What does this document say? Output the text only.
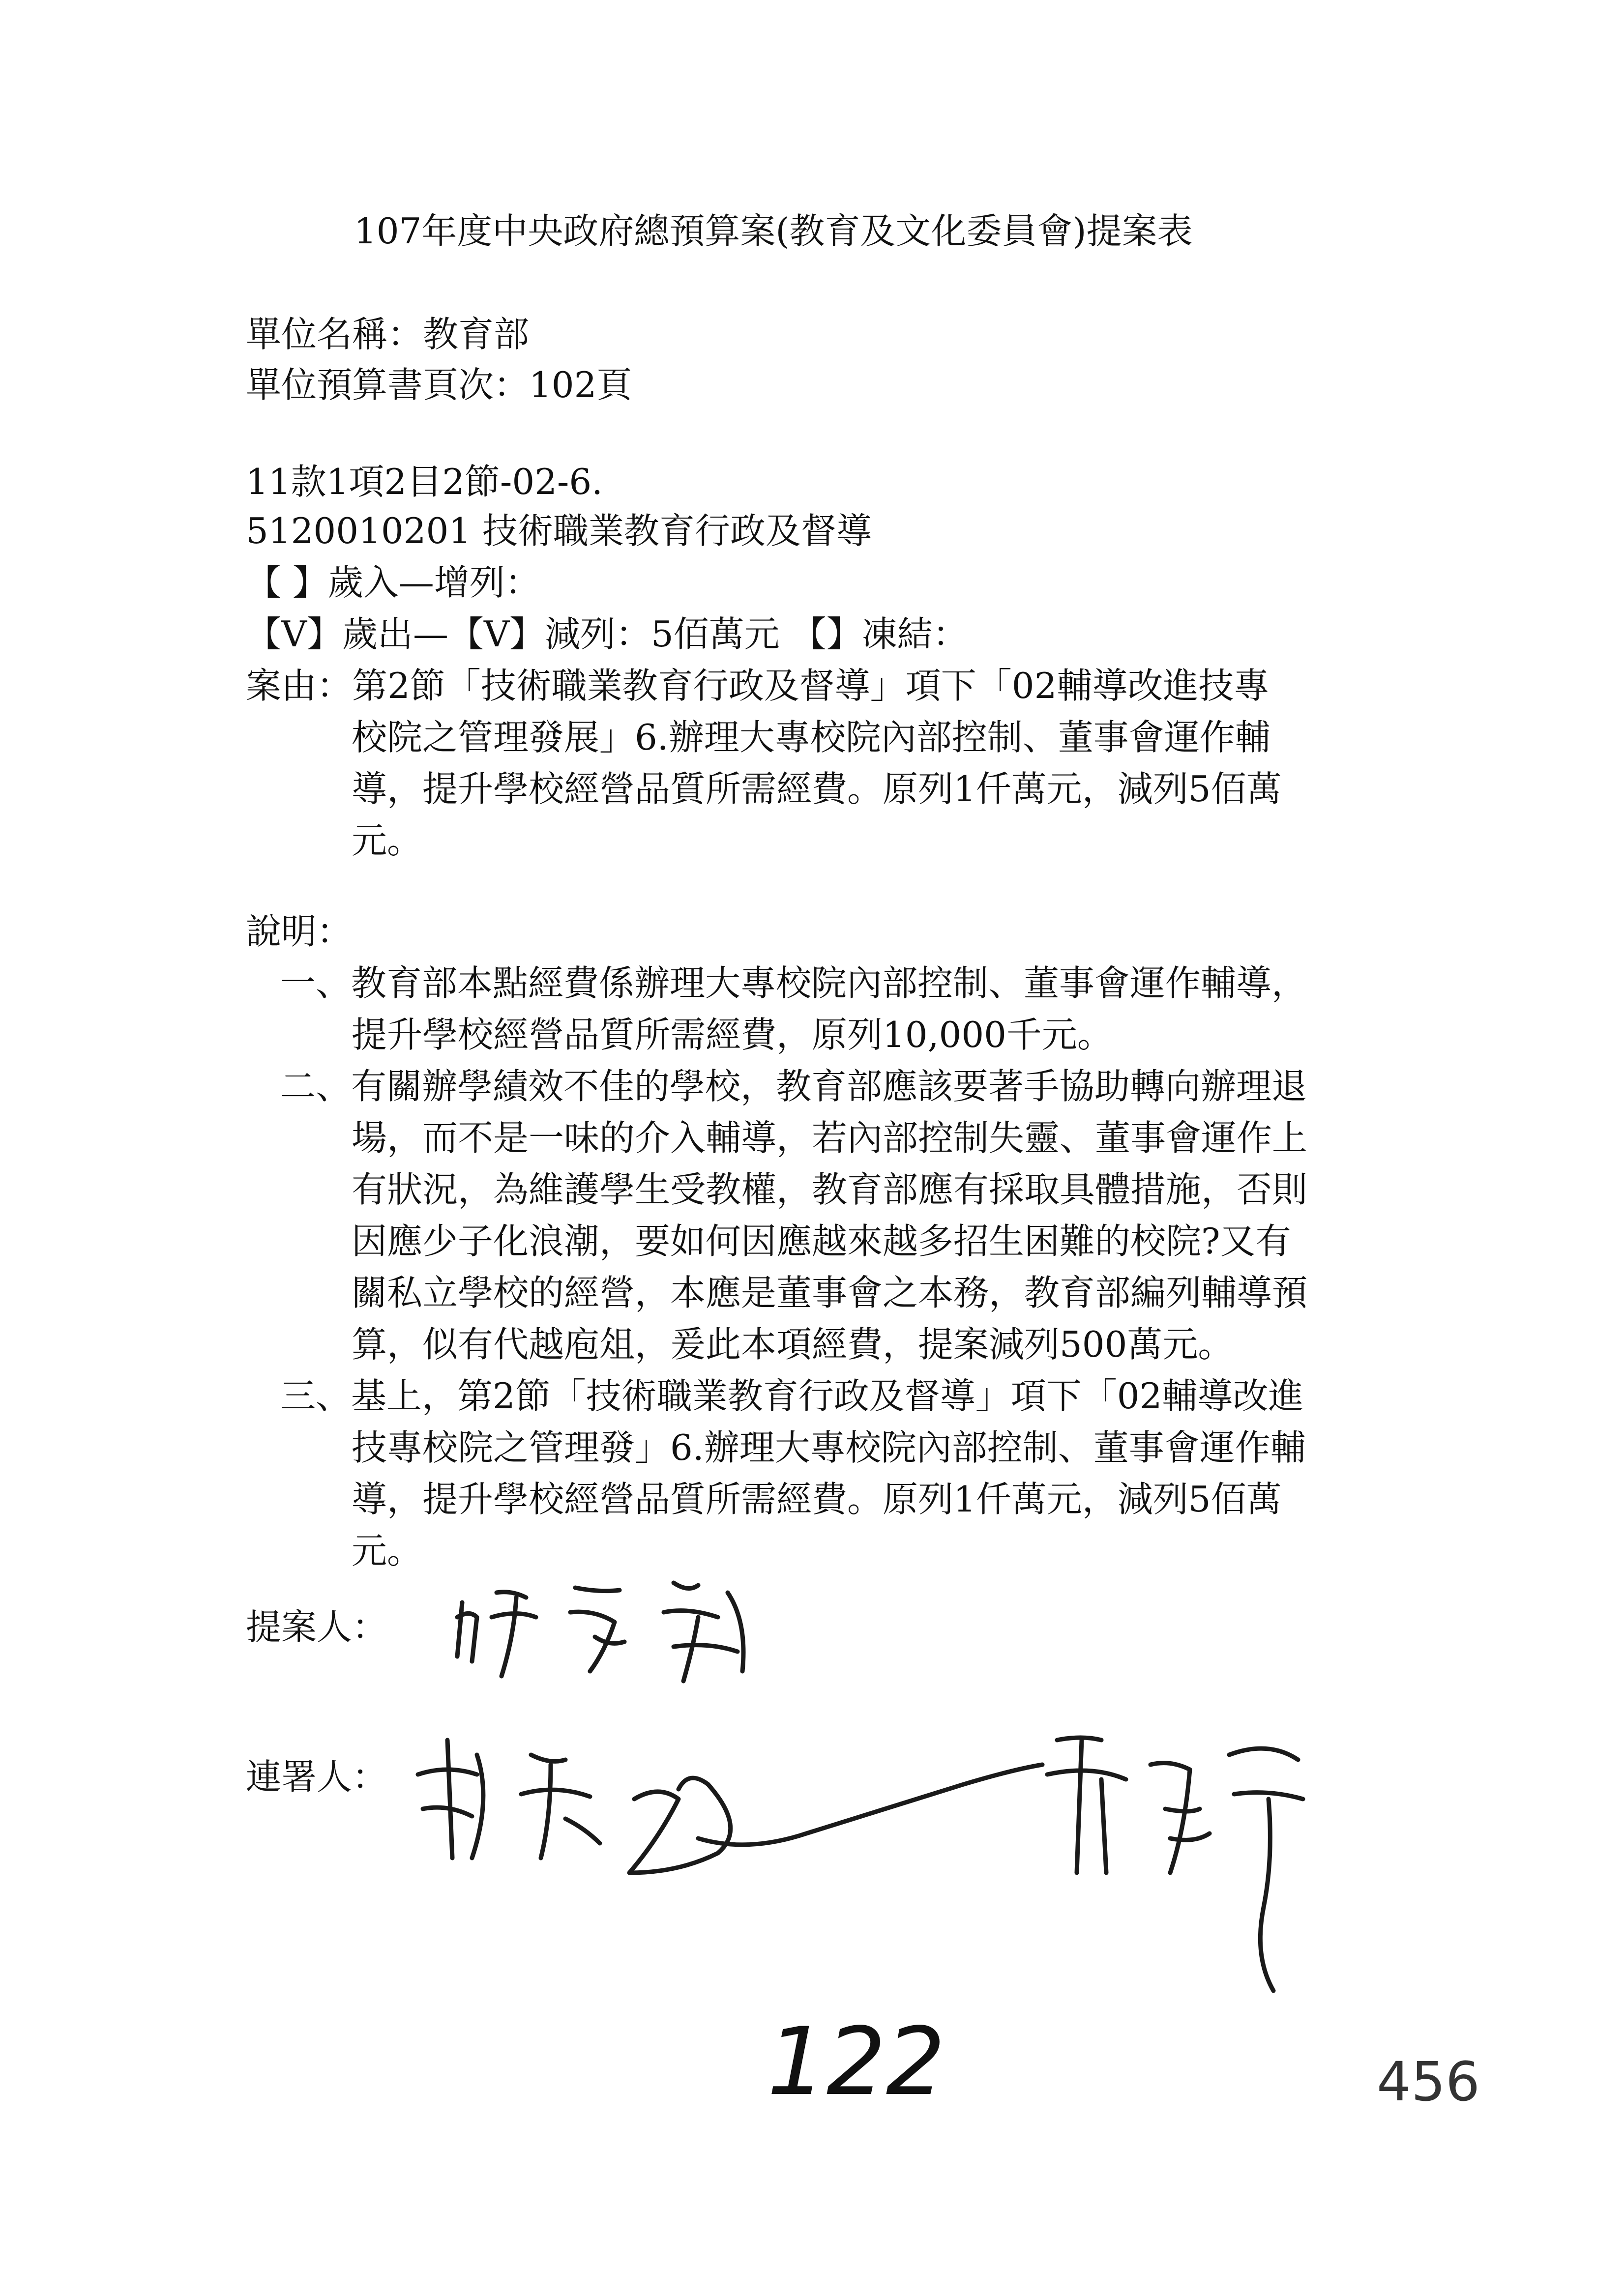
107年度中央政府總預算案(教育及文化委員會)提案表
單位名稱：教育部
單位預算書頁次：102頁
11款1項2目2節-02-6.
5120010201 技術職業教育行政及督導
【 】歲入—增列：
【V】歲出—【V】減列：5佰萬元 【】凍結：
案由：第2節「技術職業教育行政及督導」項下「02輔導改進技專
校院之管理發展」6.辦理大專校院內部控制、董事會運作輔
導，提升學校經營品質所需經費。原列1仟萬元，減列5佰萬
元。
說明：
一、教育部本點經費係辦理大專校院內部控制、董事會運作輔導，
提升學校經營品質所需經費，原列10,000千元。
二、有關辦學績效不佳的學校，教育部應該要著手協助轉向辦理退
場，而不是一味的介入輔導，若內部控制失靈、董事會運作上
有狀況，為維護學生受教權，教育部應有採取具體措施，否則
因應少子化浪潮，要如何因應越來越多招生困難的校院?又有
關私立學校的經營，本應是董事會之本務，教育部編列輔導預
算，似有代越庖俎，爰此本項經費，提案減列500萬元。
三、基上，第2節「技術職業教育行政及督導」項下「02輔導改進
技專校院之管理發」6.辦理大專校院內部控制、董事會運作輔
導，提升學校經營品質所需經費。原列1仟萬元，減列5佰萬
元。
提案人：
連署人：
122	456
